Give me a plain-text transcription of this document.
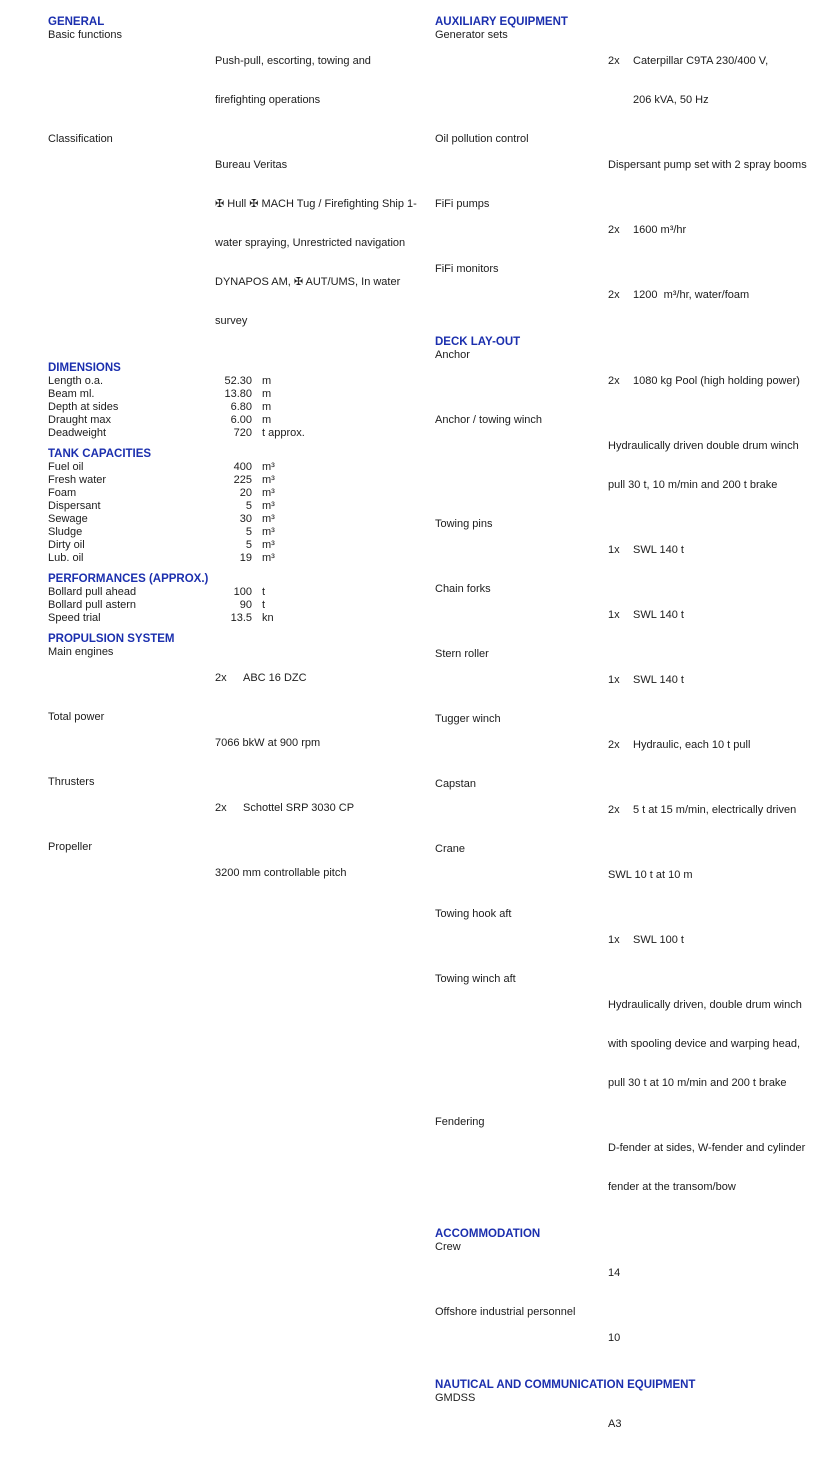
GENERAL
Basic functions

Push-pull, escorting, towing and

firefighting operations

Classification

Bureau Veritas

✠ Hull ✠ MACH Tug / Firefighting Ship 1-

water spraying, Unrestricted navigation

DYNAPOS AM, ✠ AUT/UMS, In water

survey

DIMENSIONS
Length o.a.	52.30 m
Beam ml.	13.80 m
Depth at sides	6.80 m
Draught max	6.00 m
Deadweight	720 t approx.
TANK CAPACITIES
Fuel oil	400 m³
Fresh water	225 m³
Foam	20 m³
Dispersant	5 m³
Sewage	30 m³
Sludge	5 m³
Dirty oil	5 m³
Lub. oil	19 m³
PERFORMANCES (APPROX.)
Bollard pull ahead	100 t
Bollard pull astern	90 t
Speed trial	13.5 kn
PROPULSION SYSTEM
Main engines

2x ABC 16 DZC

Total power

7066 bkW at 900 rpm

Thrusters

2x Schottel SRP 3030 CP

Propeller

3200 mm controllable pitch

AUXILIARY EQUIPMENT
Generator sets

2x Caterpillar C9TA 230/400 V,

206 kVA, 50 Hz

Oil pollution control

Dispersant pump set with 2 spray booms

FiFi pumps

2x 1600 m³/hr

FiFi monitors

2x 1200  m³/hr, water/foam

DECK LAY-OUT
Anchor

2x 1080 kg Pool (high holding power)

Anchor / towing winch

Hydraulically driven double drum winch

pull 30 t, 10 m/min and 200 t brake

Towing pins

1x SWL 140 t

Chain forks

1x SWL 140 t

Stern roller

1x SWL 140 t

Tugger winch

2x Hydraulic, each 10 t pull

Capstan

2x 5 t at 15 m/min, electrically driven

Crane

SWL 10 t at 10 m

Towing hook aft

1x SWL 100 t

Towing winch aft

Hydraulically driven, double drum winch

with spooling device and warping head,

pull 30 t at 10 m/min and 200 t brake

Fendering

D-fender at sides, W-fender and cylinder

fender at the transom/bow

ACCOMMODATION
Crew

14

Offshore industrial personnel

10

NAUTICAL AND COMMUNICATION EQUIPMENT
GMDSS

A3
